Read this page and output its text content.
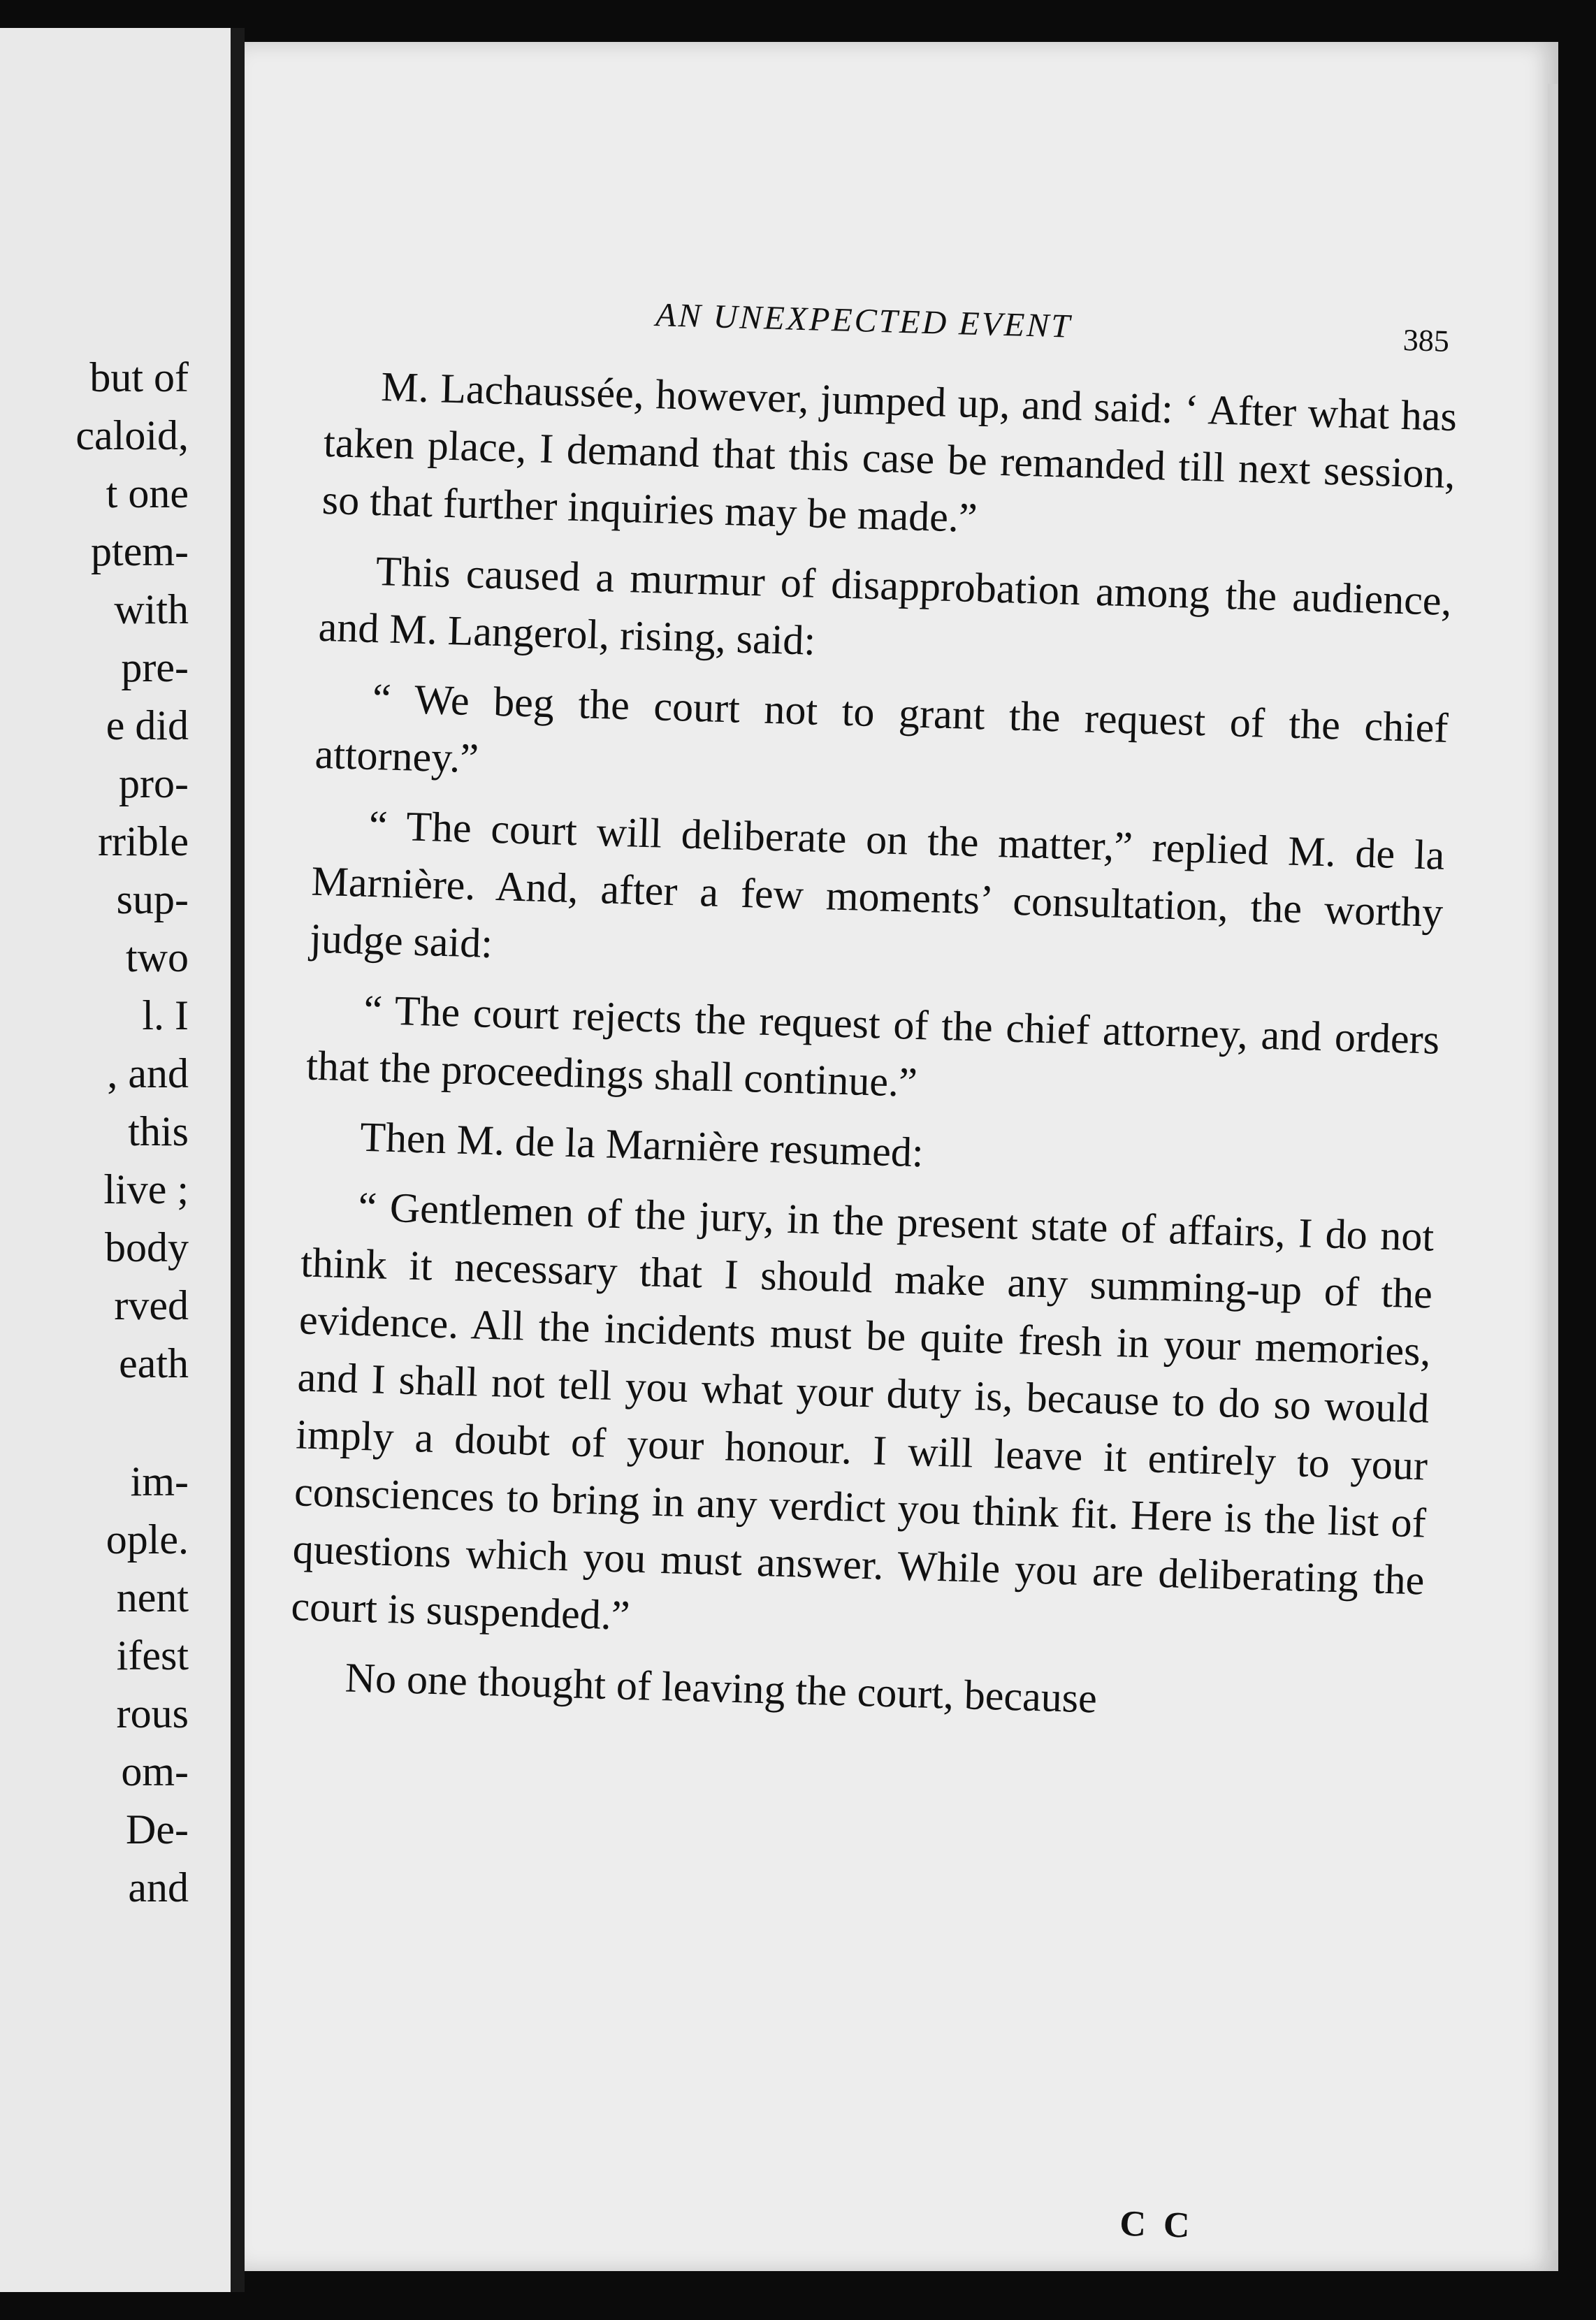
but of
caloid,
t one
ptem-
with
pre-
e did
pro-
rrible
sup-
two
l. I
, and
this
live ;
body
rved
eath
im-
ople.
nent
ifest
rous
om-
De-
and
AN UNEXPECTED EVENT	385

M. Lachaussée, however, jumped up, and said: ‘ After what has taken place, I demand that this case be remanded till next session, so that further inquiries may be made.”

This caused a murmur of disapprobation among the audience, and M. Langerol, rising, said:

“ We beg the court not to grant the request of the chief attorney.”

“ The court will deliberate on the matter,” replied M. de la Marnière. And, after a few moments’ consultation, the worthy judge said:

“ The court rejects the request of the chief attorney, and orders that the proceedings shall continue.”

Then M. de la Marnière resumed:

“ Gentlemen of the jury, in the present state of affairs, I do not think it necessary that I should make any summing-up of the evidence. All the incidents must be quite fresh in your memories, and I shall not tell you what your duty is, because to do so would imply a doubt of your honour. I will leave it entirely to your consciences to bring in any verdict you think fit. Here is the list of questions which you must answer. While you are deliberating the court is suspended.”

No one thought of leaving the court, because

C C
